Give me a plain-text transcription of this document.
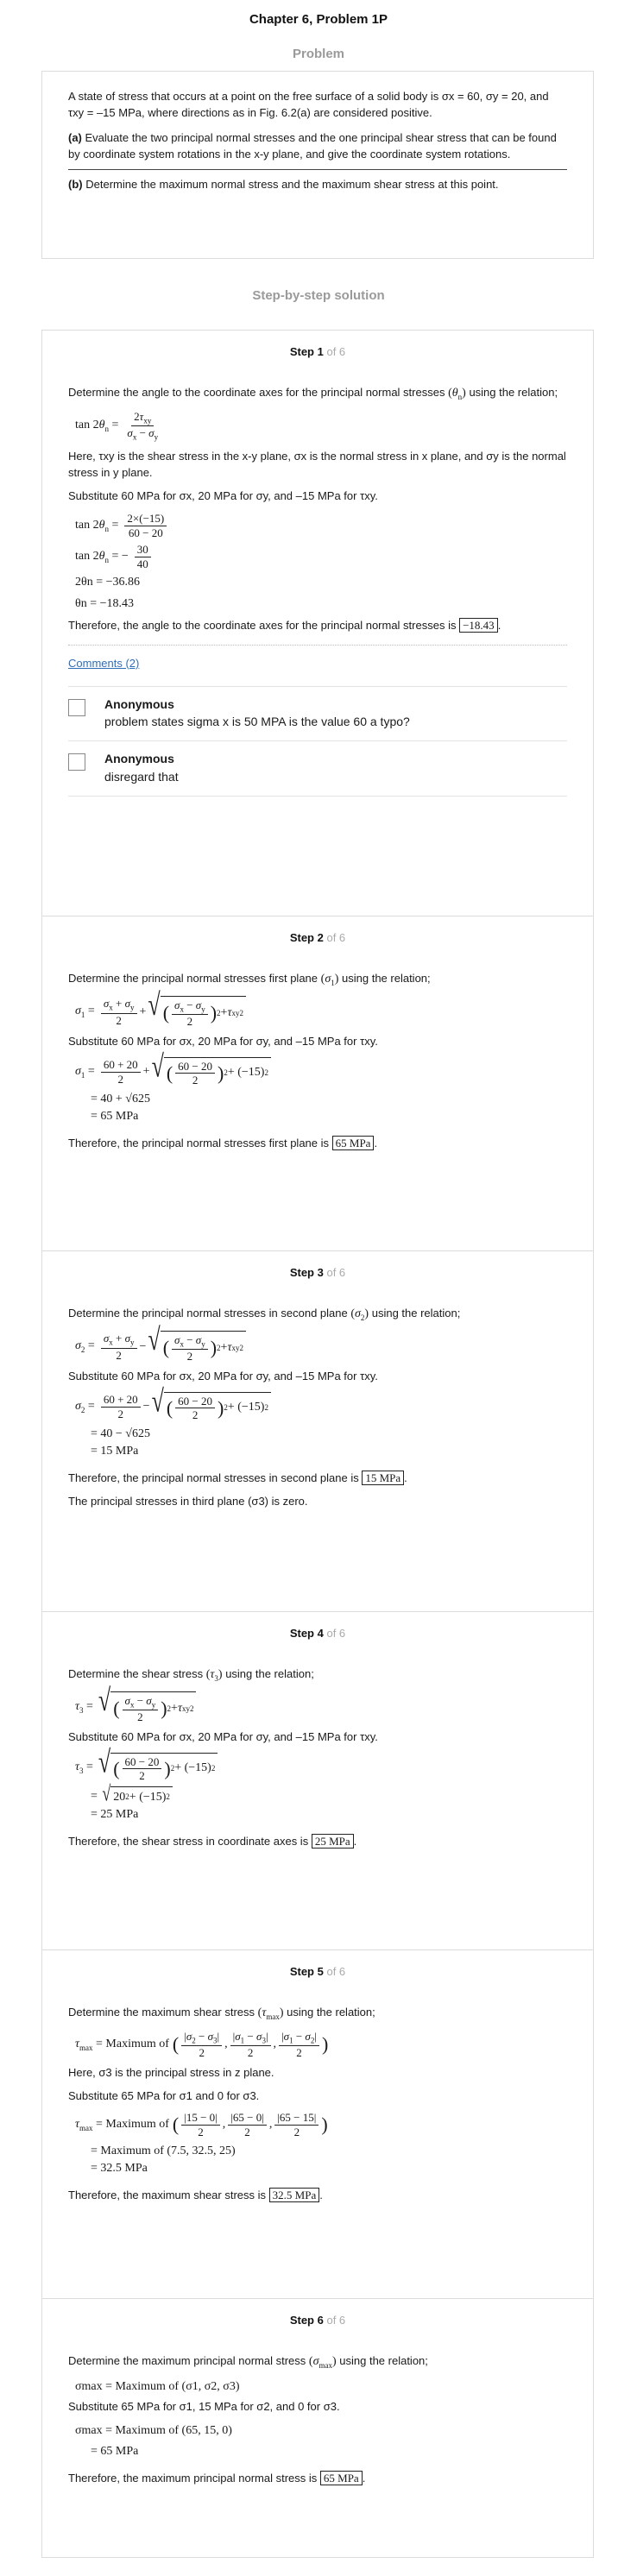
Chapter 6, Problem 1P
Problem

A state of stress that occurs at a point on the free surface of a solid body is σx = 60, σy = 20, and τxy = –15 MPa, where directions as in Fig. 6.2(a) are considered positive.

(a) Evaluate the two principal normal stresses and the one principal shear stress that can be found by coordinate system rotations in the x-y plane, and give the coordinate system rotations.

(b) Determine the maximum normal stress and the maximum shear stress at this point.

Step-by-step solution
Step 1 of 6

Determine the angle to the coordinate axes for the principal normal stresses $(\theta_n)$ using the relation;

$\tan 2\theta_n = \frac{2\tau_{xy}}{\sigma_x - \sigma_y}$

Here, τxy is the shear stress in the x-y plane, σx is the normal stress in x plane, and σy is the normal stress in y plane.

Substitute 60 MPa for σx, 20 MPa for σy, and –15 MPa for τxy.

$\tan 2\theta_n = \frac{2\times(-15)}{60 - 20}$
$\tan 2\theta_n$ = − $\frac{30}{40}$
2θn = −36.86
θn = −18.43

Therefore, the angle to the coordinate axes for the principal normal stresses is −18.43 .

Comments (2)
Anonymous
problem states sigma x is 50 MPA is the value 60 a typo?
Anonymous
disregard that
Step 2 of 6

Determine the principal normal stresses first plane $(\sigma_1)$ using the relation;

$\sigma_1 = \frac{\sigma_x + \sigma_y}{2}$ + √ ( $\frac{\sigma_x - \sigma_y}{2}$ ) 2 + τ xy 2

Substitute 60 MPa for σx, 20 MPa for σy, and –15 MPa for τxy.

$\sigma_1 = \frac{60 + 20}{2}$ + √ ( $\frac{60 - 20}{2}$ ) 2 + (−15) 2
= 40 + √625
= 65 MPa

Therefore, the principal normal stresses first plane is 65 MPa .

Step 3 of 6

Determine the principal normal stresses in second plane $(\sigma_2)$ using the relation;

$\sigma_2 = \frac{\sigma_x + \sigma_y}{2}$ − √ ( $\frac{\sigma_x - \sigma_y}{2}$ ) 2 + τ xy 2

Substitute 60 MPa for σx, 20 MPa for σy, and –15 MPa for τxy.

$\sigma_2 = \frac{60 + 20}{2}$ − √ ( $\frac{60 - 20}{2}$ ) 2 + (−15) 2
= 40 − √625
= 15 MPa

Therefore, the principal normal stresses in second plane is 15 MPa .

The principal stresses in third plane (σ3) is zero.

Step 4 of 6

Determine the shear stress $(\tau_3)$ using the relation;

$\tau_3$ = √ ( $\frac{\sigma_x - \sigma_y}{2}$ ) 2 + τ xy 2

Substitute 60 MPa for σx, 20 MPa for σy, and –15 MPa for τxy.

$\tau_3$ = √ ( $\frac{60 - 20}{2}$ ) 2 + (−15) 2
= √ 20 2 + (−15) 2
= 25 MPa

Therefore, the shear stress in coordinate axes is 25 MPa .

Step 5 of 6

Determine the maximum shear stress $(\tau_{max})$ using the relation;

$\tau_{max}$ = Maximum of ( $\frac{|\sigma_2 - \sigma_3|}{2}$ , $\frac{|\sigma_1 - \sigma_3|}{2}$ , $\frac{|\sigma_1 - \sigma_2|}{2}$ )

Here, σ3 is the principal stress in z plane.

Substitute 65 MPa for σ1 and 0 for σ3.

$\tau_{max}$ = Maximum of ( $\frac{|15 - 0|}{2}$ , $\frac{|65 - 0|}{2}$ , $\frac{|65 - 15|}{2}$ )
= Maximum of (7.5, 32.5, 25)
= 32.5 MPa

Therefore, the maximum shear stress is 32.5 MPa .

Step 6 of 6

Determine the maximum principal normal stress $(\sigma_{max})$ using the relation;

σmax = Maximum of (σ1, σ2, σ3)

Substitute 65 MPa for σ1, 15 MPa for σ2, and 0 for σ3.

σmax = Maximum of (65, 15, 0)
= 65 MPa

Therefore, the maximum principal normal stress is 65 MPa .
